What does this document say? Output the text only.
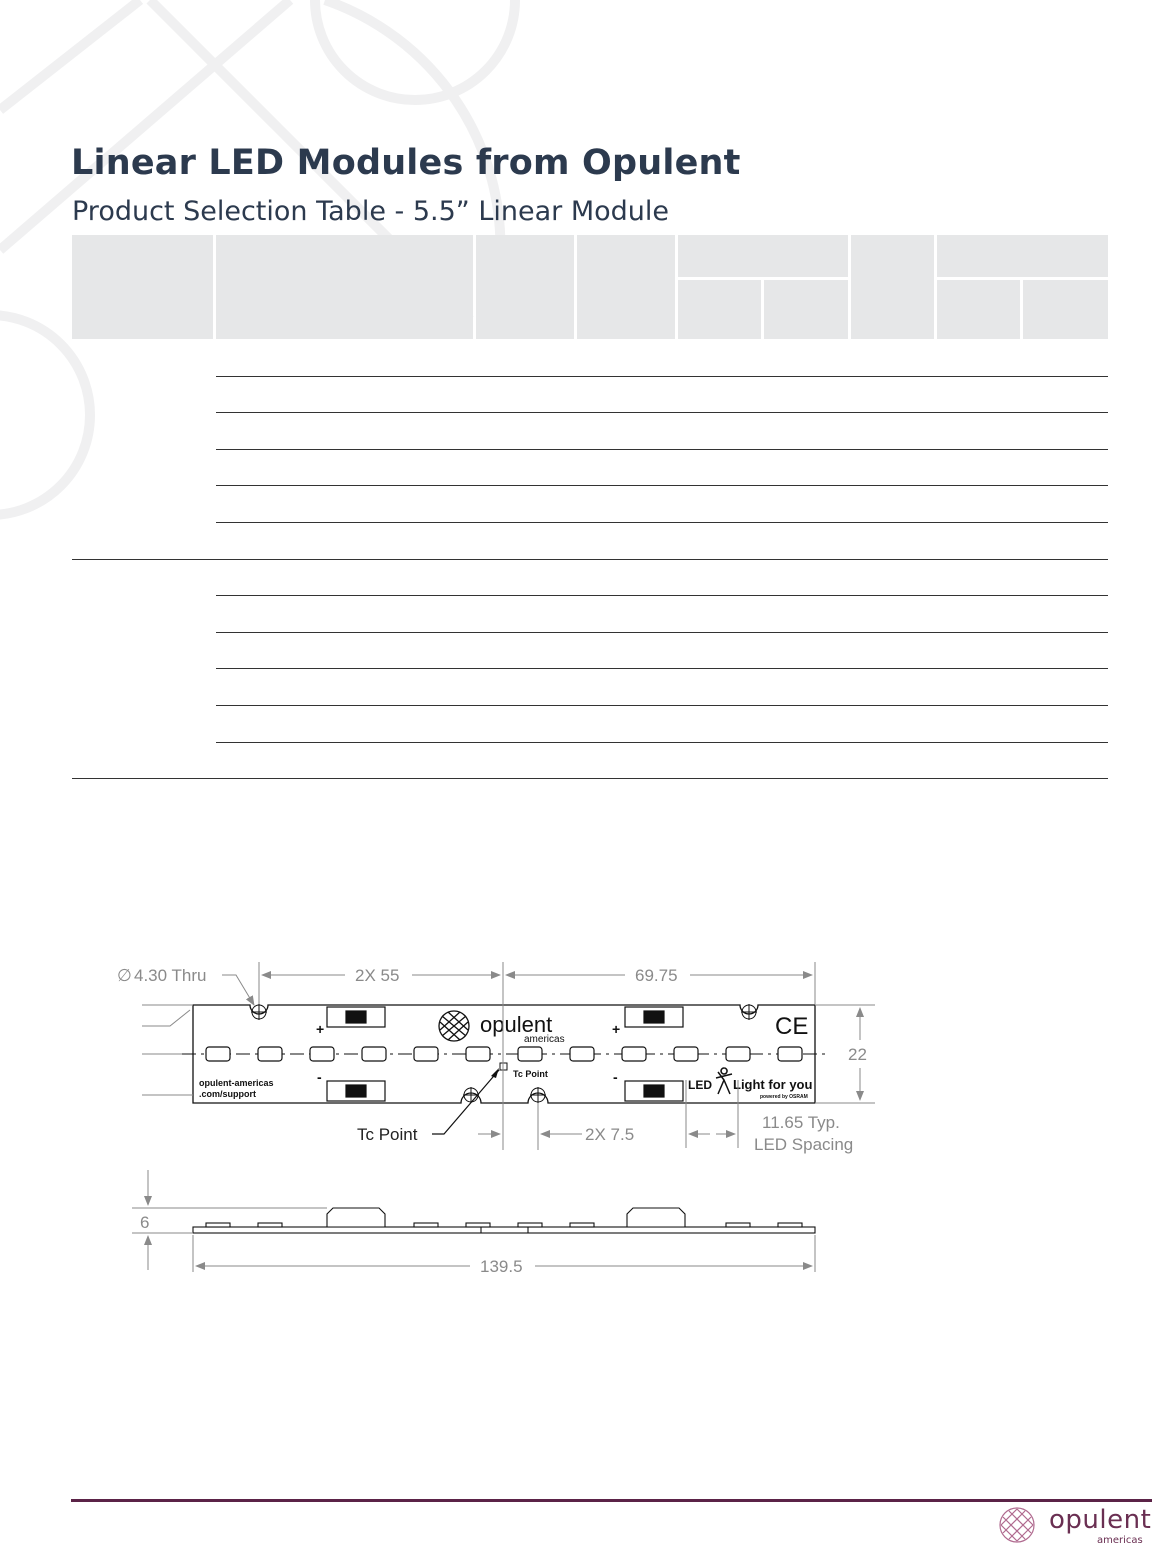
Linear LED Modules from Opulent
Product Selection Table - 5.5” Linear Module
+	+
-	-
opulent
americas	CE
Tc Point
opulent-americas
.com/support
LED Light for you
powered by OSRAM
∅ 4.30 Thru	2X 55	69.75
22
Tc Point	2X 7.5
11.65 Typ.
LED Spacing
6
139.5
opulent
americas
